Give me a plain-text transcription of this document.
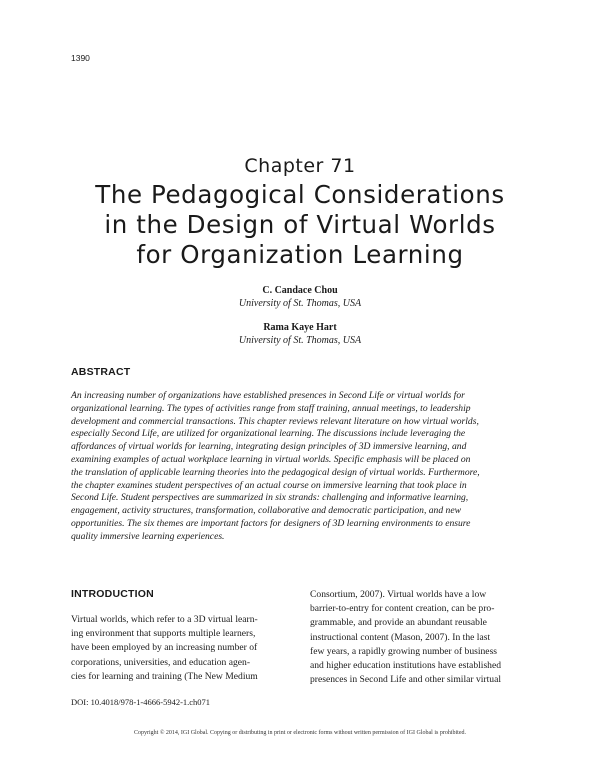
1390
Chapter 71
The Pedagogical Considerations
in the Design of Virtual Worlds
for Organization Learning
C. Candace Chou
University of St. Thomas, USA
Rama Kaye Hart
University of St. Thomas, USA
ABSTRACT

An increasing number of organizations have established presences in Second Life or virtual worlds for
organizational learning. The types of activities range from staff training, annual meetings, to leadership
development and commercial transactions. This chapter reviews relevant literature on how virtual worlds,
especially Second Life, are utilized for organizational learning. The discussions include leveraging the
affordances of virtual worlds for learning, integrating design principles of 3D immersive learning, and
examining examples of actual workplace learning in virtual worlds. Specific emphasis will be placed on
the translation of applicable learning theories into the pedagogical design of virtual worlds. Furthermore,
the chapter examines student perspectives of an actual course on immersive learning that took place in
Second Life. Student perspectives are summarized in six strands: challenging and informative learning,
engagement, activity structures, transformation, collaborative and democratic participation, and new
opportunities. The six themes are important factors for designers of 3D learning environments to ensure
quality immersive learning experiences.

INTRODUCTION

Virtual worlds, which refer to a 3D virtual learn-
ing environment that supports multiple learners,
have been employed by an increasing number of
corporations, universities, and education agen-
cies for learning and training (The New Medium

Consortium, 2007). Virtual worlds have a low
barrier-to-entry for content creation, can be pro-
grammable, and provide an abundant reusable
instructional content (Mason, 2007). In the last
few years, a rapidly growing number of business
and higher education institutions have established
presences in Second Life and other similar virtual

DOI: 10.4018/978-1-4666-5942-1.ch071
Copyright © 2014, IGI Global. Copying or distributing in print or electronic forms without written permission of IGI Global is prohibited.
